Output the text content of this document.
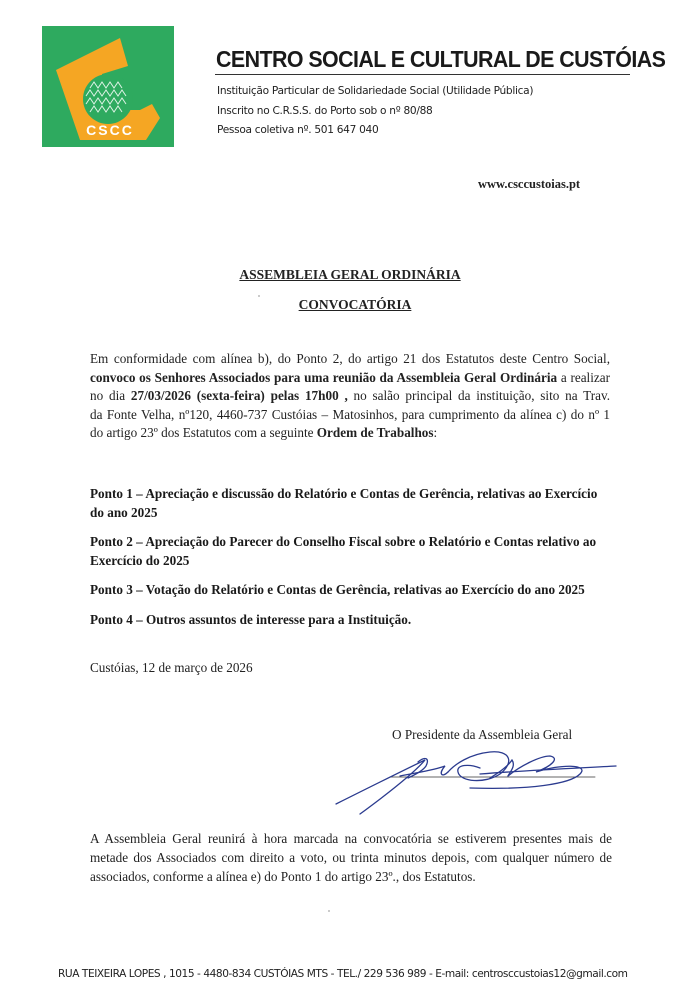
CSCC
CENTRO SOCIAL E CULTURAL DE CUSTÓIAS
Instituição Particular de Solidariedade Social (Utilidade Pública)
Inscrito no C.R.S.S. do Porto sob o nº 80/88
Pessoa coletiva nº. 501 647 040
www.csccustoias.pt
ASSEMBLEIA GERAL ORDINÁRIA
CONVOCATÓRIA
Em conformidade com alínea b), do Ponto 2, do artigo 21 dos Estatutos deste Centro Social,
convoco os Senhores Associados para uma reunião da Assembleia Geral Ordinária a realizar
no dia 27/03/2026 (sexta-feira) pelas 17h00 , no salão principal da instituição, sito na Trav.
da Fonte Velha, nº120, 4460-737 Custóias – Matosinhos, para cumprimento da alínea c) do nº 1
do artigo 23º dos Estatutos com a seguinte Ordem de Trabalhos:
Ponto 1 – Apreciação e discussão do Relatório e Contas de Gerência, relativas ao Exercício do ano 2025
Ponto 2 – Apreciação do Parecer do Conselho Fiscal sobre o Relatório e Contas relativo ao Exercício do 2025
Ponto 3 – Votação do Relatório e Contas de Gerência, relativas ao Exercício do ano 2025
Ponto 4 – Outros assuntos de interesse para a Instituição.
Custóias, 12 de março de 2026
O Presidente da Assembleia Geral
A Assembleia Geral reunirá à hora marcada na convocatória se estiverem presentes mais de
metade dos Associados com direito a voto, ou trinta minutos depois, com qualquer número de
associados, conforme a alínea e) do Ponto 1 do artigo 23º., dos Estatutos.
RUA TEIXEIRA LOPES , 1015 - 4480-834 CUSTÓIAS MTS - TEL./ 229 536 989 - E-mail: centrosccustoias12@gmail.com
